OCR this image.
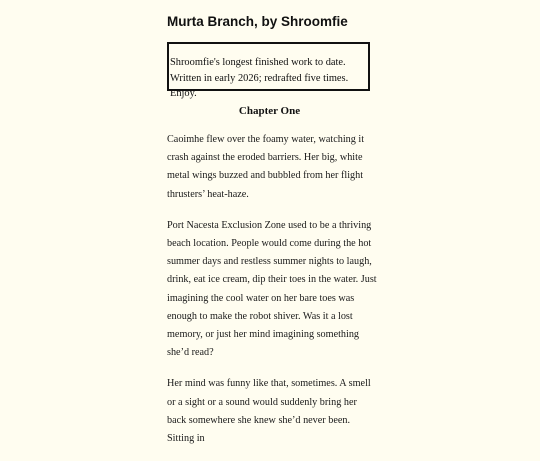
Murta Branch, by Shroomfie
Shroomfie's longest finished work to date. Written in early 2026; redrafted five times. Enjoy.
Chapter One

Caoimhe flew over the foamy water, watching it crash against the eroded barriers. Her big, white metal wings buzzed and bubbled from her flight thrusters’ heat-haze.

Port Nacesta Exclusion Zone used to be a thriving beach location. People would come during the hot summer days and restless summer nights to laugh, drink, eat ice cream, dip their toes in the water. Just imagining the cool water on her bare toes was enough to make the robot shiver. Was it a lost memory, or just her mind imagining something she’d read?

Her mind was funny like that, sometimes. A smell or a sight or a sound would suddenly bring her back somewhere she knew she’d never been. Sitting in
